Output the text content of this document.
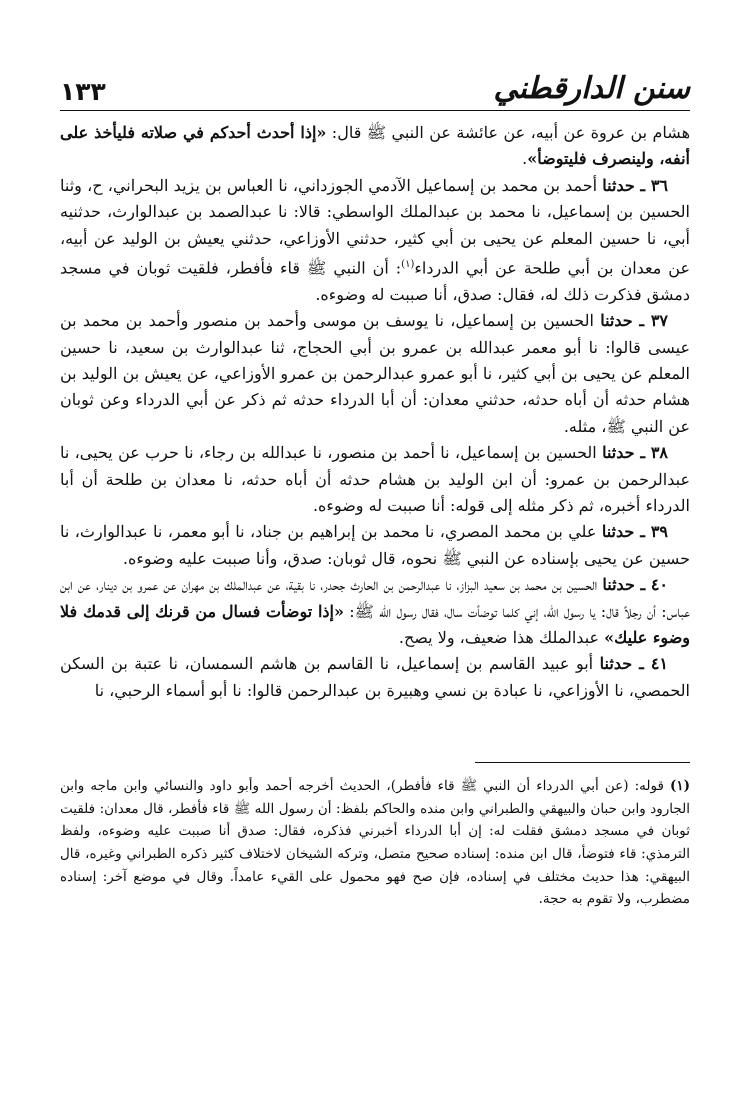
سنن الدارقطني
١٣٣

هشام بن عروة عن أبيه، عن عائشة عن النبي ﷺ قال: «إذا أحدث أحدكم في صلاته فليأخذ على أنفه، ولينصرف فليتوضأ».

٣٦ ـ حدثنا أحمد بن محمد بن إسماعيل الآدمي الجوزداني، نا العباس بن يزيد البحراني، ح، وثنا الحسين بن إسماعيل، نا محمد بن عبدالملك الواسطي: قالا: نا عبدالصمد بن عبدالوارث، حدثنيه أبي، نا حسين المعلم عن يحيى بن أبي كثير، حدثني الأوزاعي، حدثني يعيش بن الوليد عن أبيه، عن معدان بن أبي طلحة عن أبي الدرداء$^{(١)}$: أن النبي ﷺ قاء فأفطر، فلقيت ثوبان في مسجد دمشق فذكرت ذلك له، فقال: صدق، أنا صببت له وضوءه.

٣٧ ـ حدثنا الحسين بن إسماعيل، نا يوسف بن موسى وأحمد بن منصور وأحمد بن محمد بن عيسى قالوا: نا أبو معمر عبدالله بن عمرو بن أبي الحجاج، ثنا عبدالوارث بن سعيد، نا حسين المعلم عن يحيى بن أبي كثير، نا أبو عمرو عبدالرحمن بن عمرو الأوزاعي، عن يعيش بن الوليد بن هشام حدثه أن أباه حدثه، حدثني معدان: أن أبا الدرداء حدثه ثم ذكر عن أبي الدرداء وعن ثوبان عن النبي ﷺ، مثله.

٣٨ ـ حدثنا الحسين بن إسماعيل، نا أحمد بن منصور، نا عبدالله بن رجاء، نا حرب عن يحيى، نا عبدالرحمن بن عمرو: أن ابن الوليد بن هشام حدثه أن أباه حدثه، نا معدان بن طلحة أن أبا الدرداء أخبره، ثم ذكر مثله إلى قوله: أنا صببت له وضوءه.

٣٩ ـ حدثنا علي بن محمد المصري، نا محمد بن إبراهيم بن جناد، نا أبو معمر، نا عبدالوارث، نا حسين عن يحيى بإسناده عن النبي ﷺ نحوه، قال ثوبان: صدق، وأنا صببت عليه وضوءه.

٤٠ ـ حدثنا الحسين بن محمد بن سعيد البزاز، نا عبدالرحمن بن الحارث جحدر، نا بقية، عن عبدالملك بن مهران عن عمرو بن دينار، عن ابن عباس: أن رجلاً قال: يا رسول الله، إني كلما توضأت سال، فقال رسول الله ﷺ: «إذا توضأت فسال من قرنك إلى قدمك فلا وضوء عليك» عبدالملك هذا ضعيف، ولا يصح.

٤١ ـ حدثنا أبو عبيد القاسم بن إسماعيل، نا القاسم بن هاشم السمسان، نا عتبة بن السكن الحمصي، نا الأوزاعي، نا عبادة بن نسي وهبيرة بن عبدالرحمن قالوا: نا أبو أسماء الرحبي، نا

(١)قوله: (عن أبي الدرداء أن النبي ﷺ قاء فأفطر)، الحديث أخرجه أحمد وأبو داود والنسائي وابن ماجه وابن الجارود وابن حبان والبيهقي والطبراني وابن منده والحاكم بلفظ: أن رسول الله ﷺ قاء فأفطر، قال معدان: فلقيت ثوبان في مسجد دمشق فقلت له: إن أبا الدرداء أخبرني فذكره، فقال: صدق أنا صببت عليه وضوءه، ولفظ الترمذي: قاء فتوضأ، قال ابن منده: إسناده صحيح متصل، وتركه الشيخان لاختلاف كثير ذكره الطبراني وغيره، قال البيهقي: هذا حديث مختلف في إسناده، فإن صح فهو محمول على القيء عامداً. وقال في موضع آخر: إسناده مضطرب، ولا تقوم به حجة.
